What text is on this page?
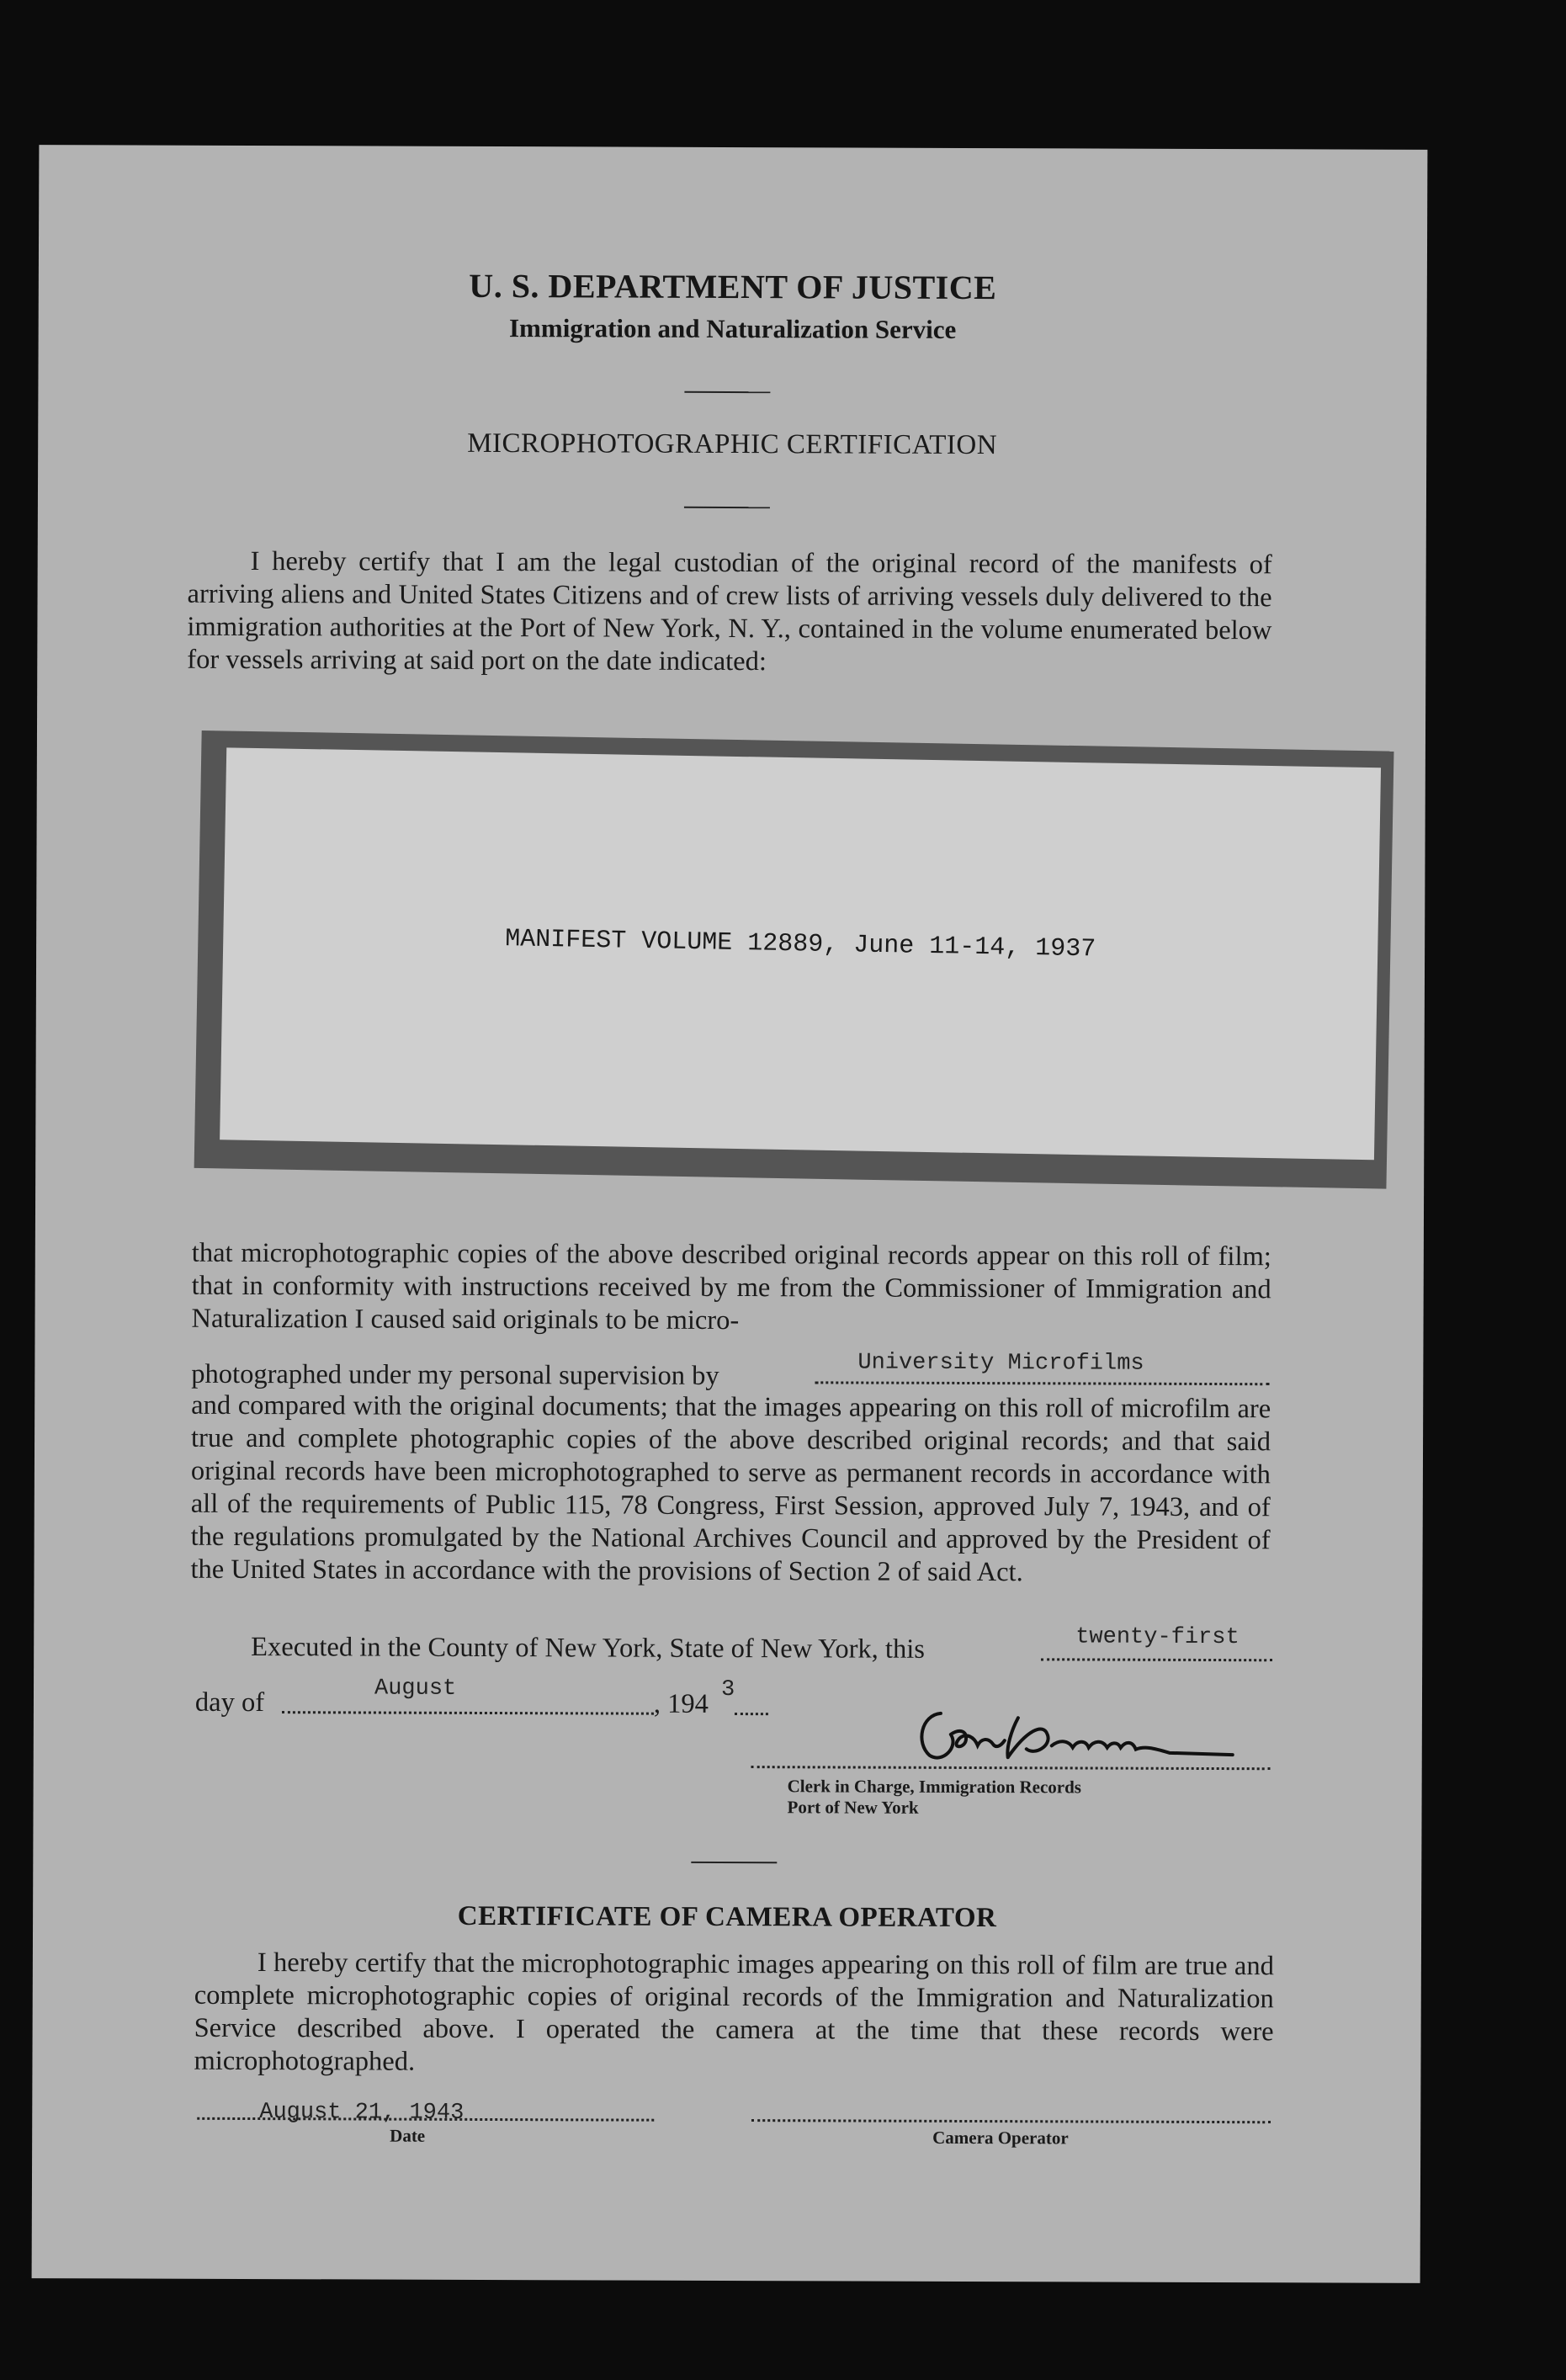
U. S. DEPARTMENT OF JUSTICE
Immigration and Naturalization Service
MICROPHOTOGRAPHIC CERTIFICATION

I hereby certify that I am the legal custodian of the original record of the manifests of arriving aliens and United States Citizens and of crew lists of arriving vessels duly delivered to the immigration authorities at the Port of New York, N. Y., contained in the volume enumerated below for vessels arriving at said port on the date indicated:

MANIFEST VOLUME 12889, June 11-14, 1937

that microphotographic copies of the above described original records appear on this roll of film; that in conformity with instructions received by me from the Commissioner of Immigration and Naturalization I caused said originals to be micro-

photographed under my personal supervision by	University Microfilms

and compared with the original documents; that the images appearing on this roll of microfilm are true and complete photographic copies of the above described original records; and that said original records have been microphotographed to serve as permanent records in accordance with all of the requirements of Public 115, 78 Congress, First Session, approved July 7, 1943, and of the regulations promulgated by the National Archives Council and approved by the President of the United States in accordance with the provisions of Section 2 of said Act.

Executed in the County of New York, State of New York, this	twenty-first
day of	August	, 194 3
Clerk in Charge, Immigration Records
Port of New York
CERTIFICATE OF CAMERA OPERATOR

I hereby certify that the microphotographic images appearing on this roll of film are true and complete microphotographic copies of original records of the Immigration and Naturalization Service described above. I operated the camera at the time that these records were microphotographed.

August 21, 1943
Date	Camera Operator
